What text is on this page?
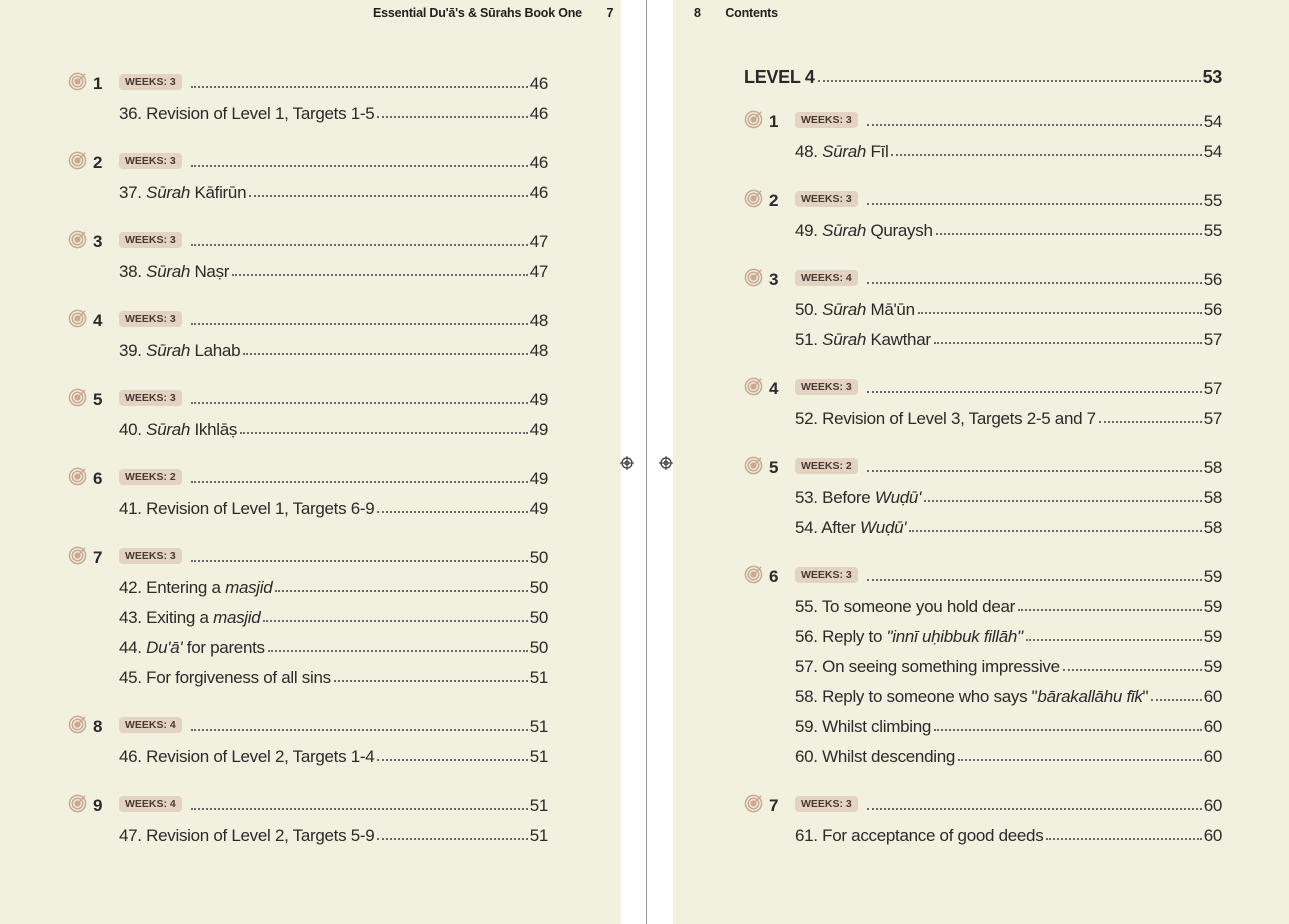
Essential Du'ā's & Sūrahs Book One 7
1	WEEKS: 3	46
36. Revision of Level 1, Targets 1-5	46
2	WEEKS: 3	46
37. Sūrah Kāfirūn	46
3	WEEKS: 3	47
38. Sūrah Naṣr	47
4	WEEKS: 3	48
39. Sūrah Lahab	48
5	WEEKS: 3	49
40. Sūrah Ikhlāṣ	49
6	WEEKS: 2	49
41. Revision of Level 1, Targets 6-9	49
7	WEEKS: 3	50
42. Entering a masjid	50
43. Exiting a masjid	50
44. Du'ā' for parents	50
45. For forgiveness of all sins	51
8	WEEKS: 4	51
46. Revision of Level 2, Targets 1-4	51
9	WEEKS: 4	51
47. Revision of Level 2, Targets 5-9	51
8 Contents
LEVEL 4	53
1	WEEKS: 3	54
48. Sūrah Fīl	54
2	WEEKS: 3	55
49. Sūrah Quraysh	55
3	WEEKS: 4	56
50. Sūrah Mā'ūn	56
51. Sūrah Kawthar	57
4	WEEKS: 3	57
52. Revision of Level 3, Targets 2-5 and 7	57
5	WEEKS: 2	58
53. Before Wuḍū'	58
54. After Wuḍū'	58
6	WEEKS: 3	59
55. To someone you hold dear	59
56. Reply to "innī uḥibbuk fillāh"	59
57. On seeing something impressive	59
58. Reply to someone who says "bārakallāhu fīk"	60
59. Whilst climbing	60
60. Whilst descending	60
7	WEEKS: 3	60
61. For acceptance of good deeds	60
